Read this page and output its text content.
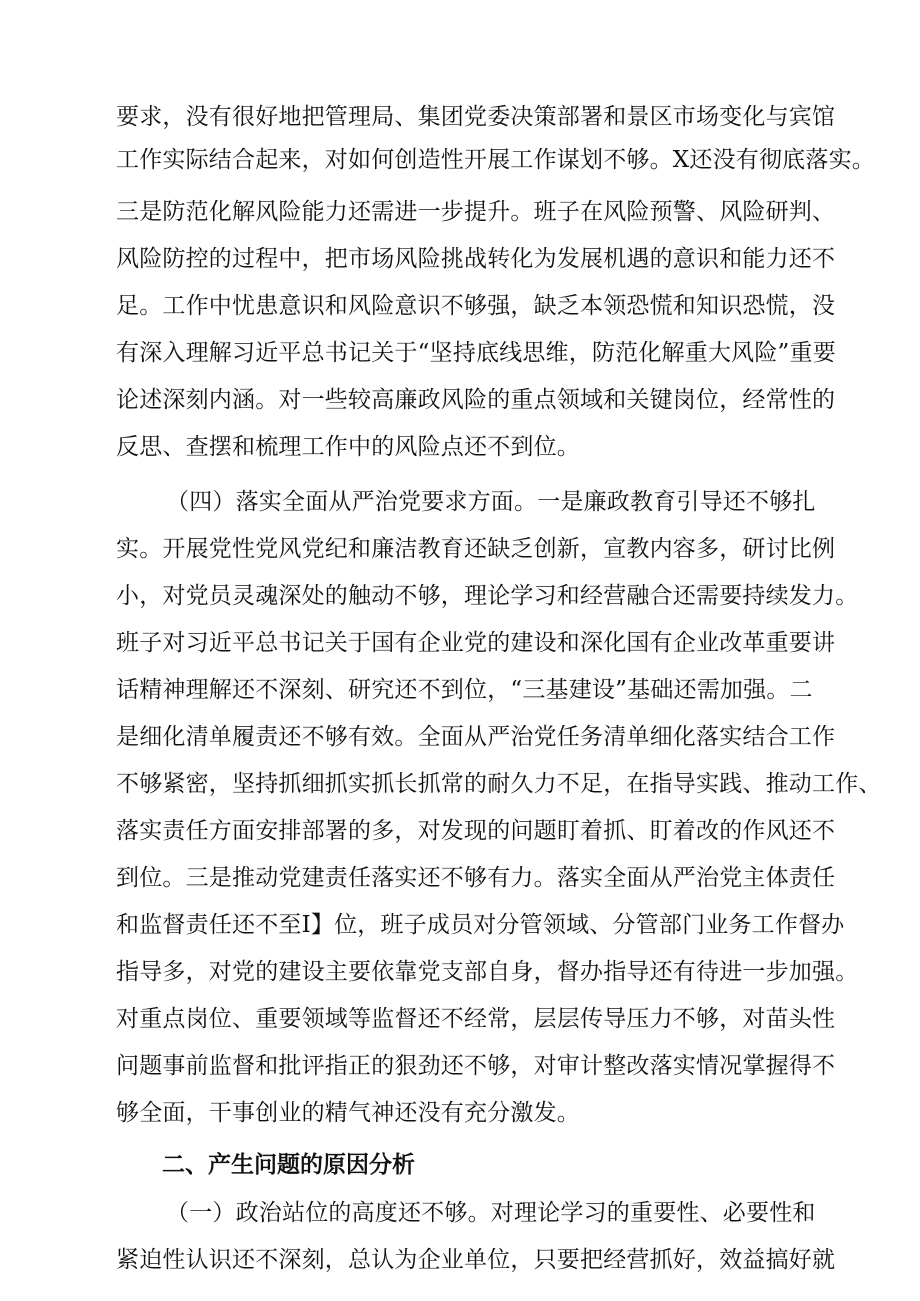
要求，没有很好地把管理局、集团党委决策部署和景区市场变化与宾馆
工作实际结合起来，对如何创造性开展工作谋划不够。X还没有彻底落实。
三是防范化解风险能力还需进一步提升。班子在风险预警、风险研判、
风险防控的过程中，把市场风险挑战转化为发展机遇的意识和能力还不
足。工作中忧患意识和风险意识不够强，缺乏本领恐慌和知识恐慌，没
有深入理解习近平总书记关于“坚持底线思维，防范化解重大风险”重要
论述深刻内涵。对一些较高廉政风险的重点领域和关键岗位，经常性的
反思、查摆和梳理工作中的风险点还不到位。
（四）落实全面从严治党要求方面。一是廉政教育引导还不够扎
实。开展党性党风党纪和廉洁教育还缺乏创新，宣教内容多，研讨比例
小，对党员灵魂深处的触动不够，理论学习和经营融合还需要持续发力。
班子对习近平总书记关于国有企业党的建设和深化国有企业改革重要讲
话精神理解还不深刻、研究还不到位，“三基建设”基础还需加强。二
是细化清单履责还不够有效。全面从严治党任务清单细化落实结合工作
不够紧密，坚持抓细抓实抓长抓常的耐久力不足，在指导实践、推动工作、
落实责任方面安排部署的多，对发现的问题盯着抓、盯着改的作风还不
到位。三是推动党建责任落实还不够有力。落实全面从严治党主体责任
和监督责任还不至I】位，班子成员对分管领域、分管部门业务工作督办
指导多，对党的建设主要依靠党支部自身，督办指导还有待进一步加强。
对重点岗位、重要领域等监督还不经常，层层传导压力不够，对苗头性
问题事前监督和批评指正的狠劲还不够，对审计整改落实情况掌握得不
够全面，干事创业的精气神还没有充分激发。
二、产生问题的原因分析
（一）政治站位的高度还不够。对理论学习的重要性、必要性和
紧迫性认识还不深刻，总认为企业单位，只要把经营抓好，效益搞好就
